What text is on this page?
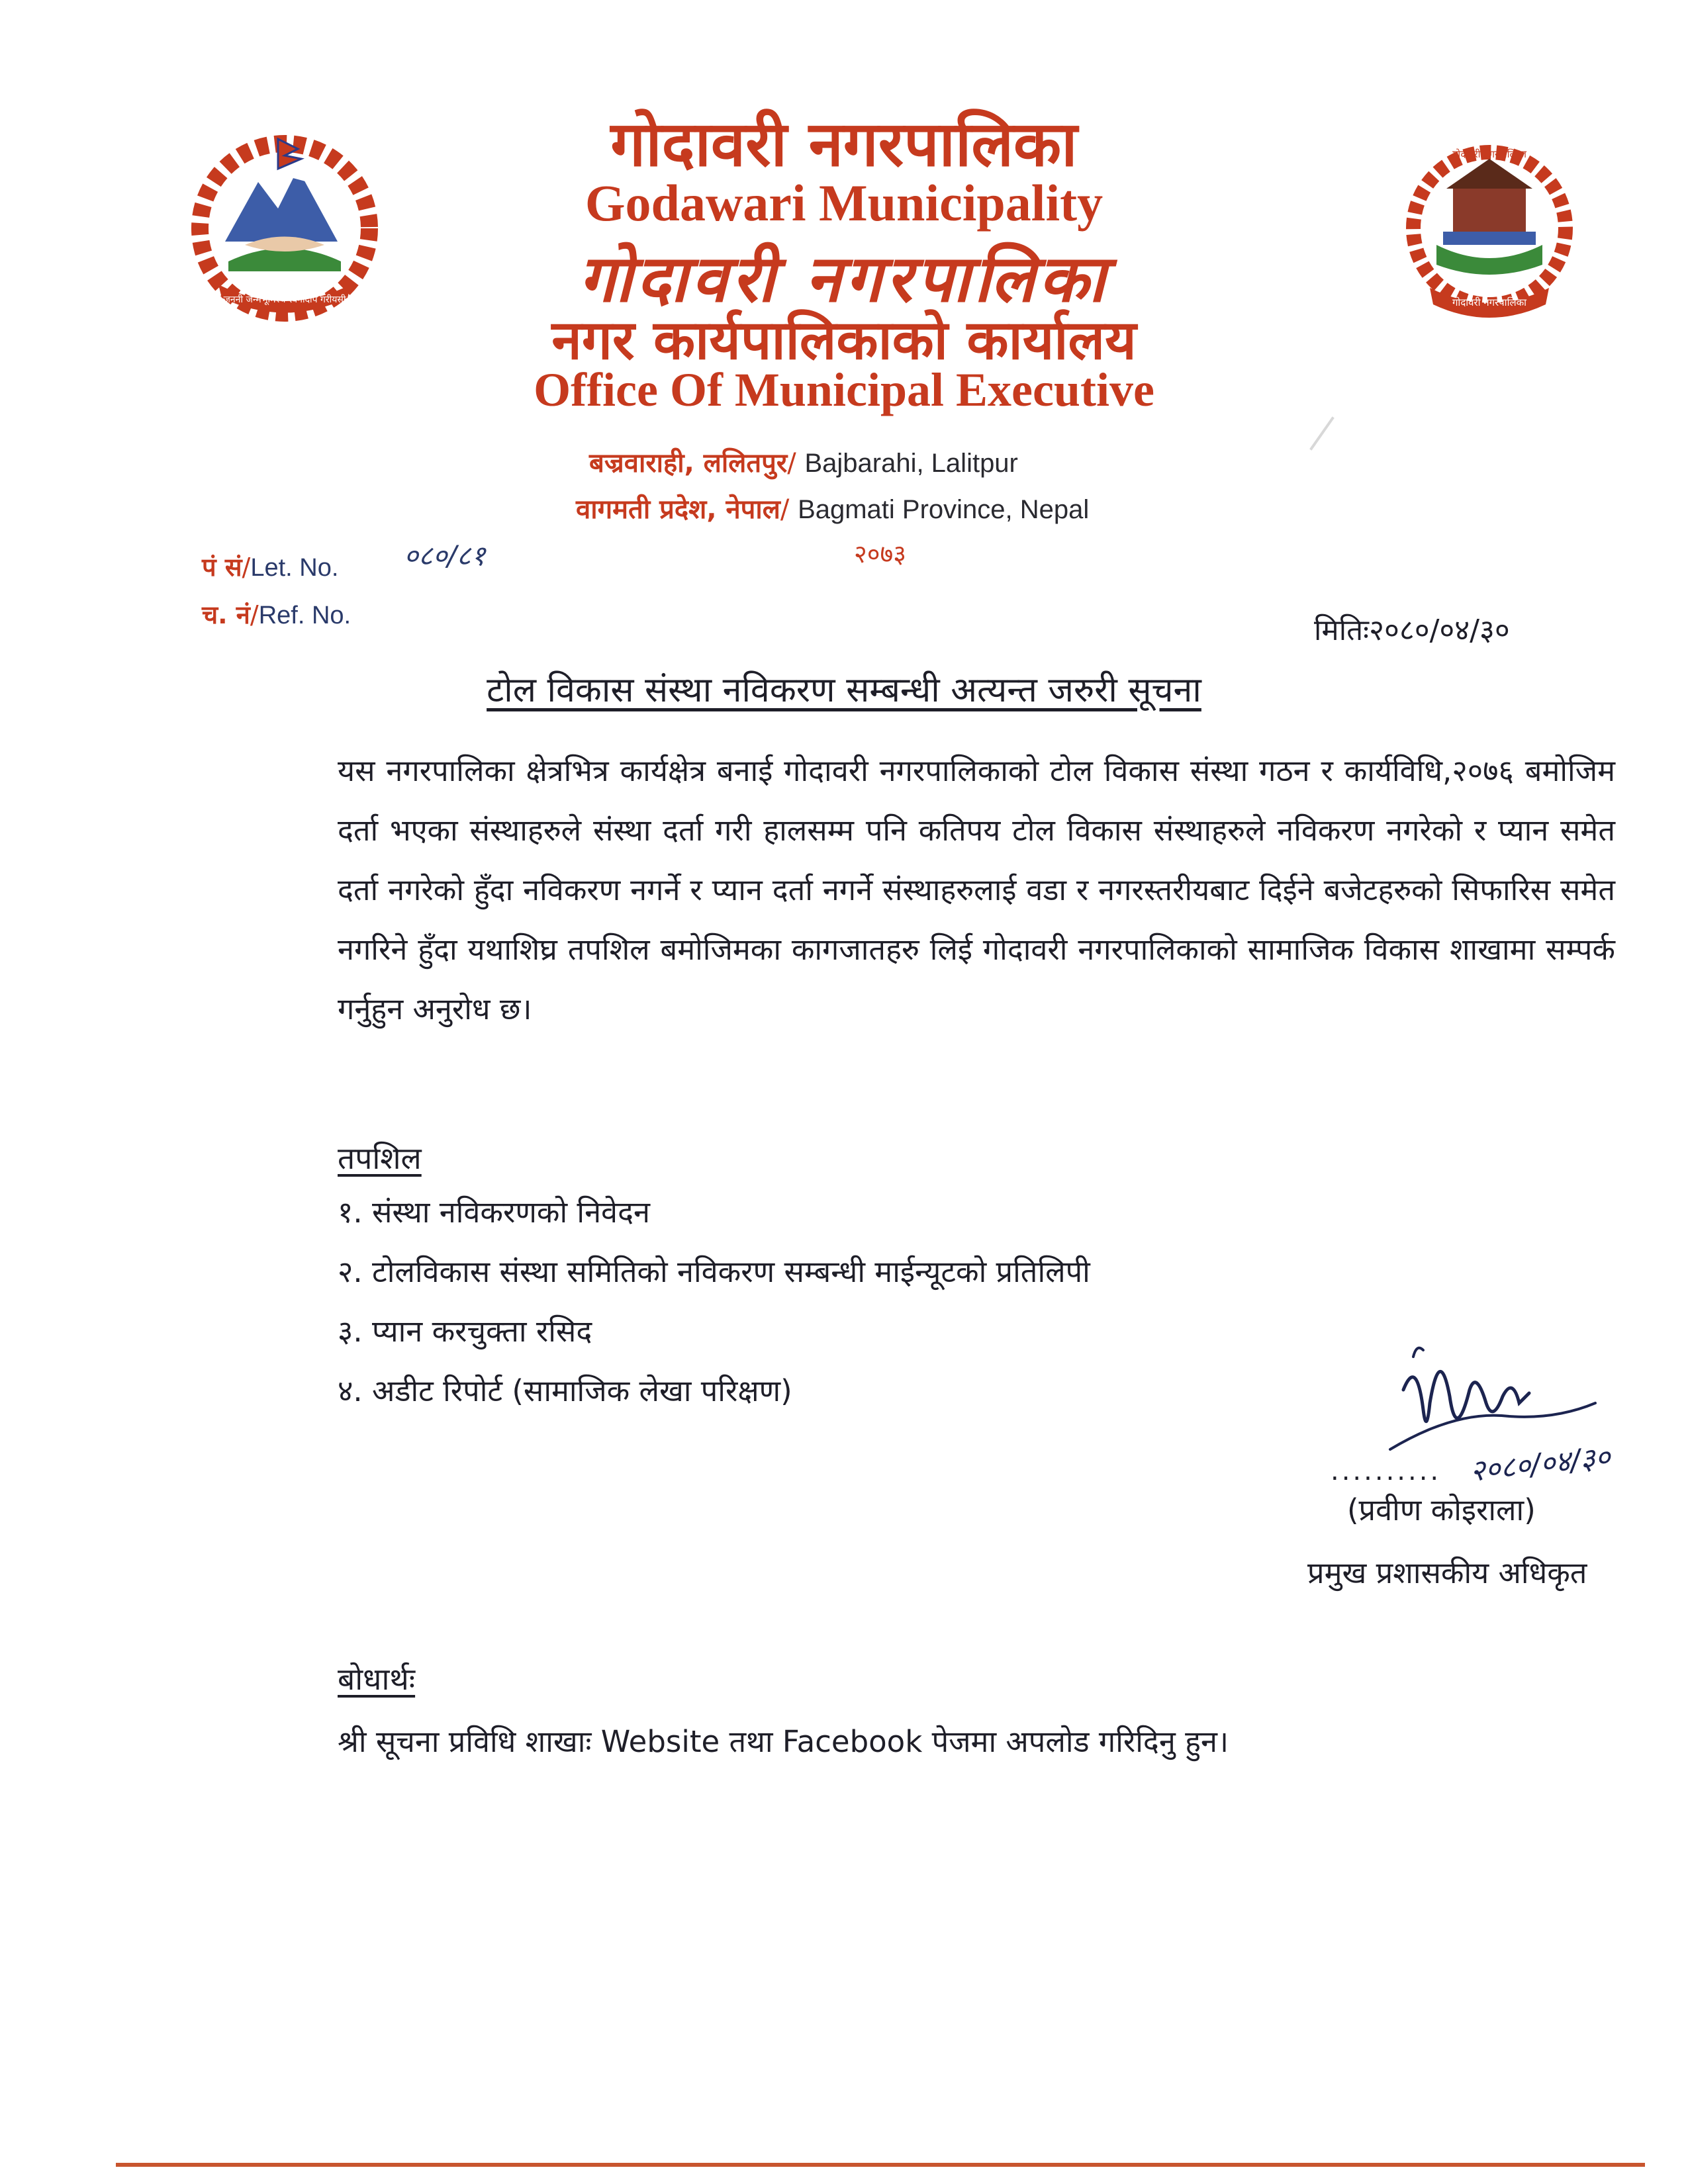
जननी जन्मभूमिश्च स्वर्गादपि गरीयसी	गोदावरी नगरपालिका
गोदावरी नगरपालिका
गोदावरी नगरपालिका
Godawari Municipality
गोदावरी नगरपालिका
नगर कार्यपालिकाको कार्यालय
Office Of Municipal Executive
बज्रवाराही, ललितपुर/ Bajbarahi, Lalitpur
वागमती प्रदेश, नेपाल/ Bagmati Province, Nepal
२०७३
पं सं/Let. No. ०८०/८१
च. नं/Ref. No.	मितिः२०८०/०४/३०
टोल विकास संस्था नविकरण सम्बन्धी अत्यन्त जरुरी सूचना
यस नगरपालिका क्षेत्रभित्र कार्यक्षेत्र बनाई गोदावरी नगरपालिकाको टोल विकास संस्था गठन र कार्यविधि,२०७६ बमोजिम दर्ता भएका संस्थाहरुले संस्था दर्ता गरी हालसम्म पनि कतिपय टोल विकास संस्थाहरुले नविकरण नगरेको र प्यान समेत दर्ता नगरेको हुँदा नविकरण नगर्ने र प्यान दर्ता नगर्ने संस्थाहरुलाई वडा र नगरस्तरीयबाट दिईने बजेटहरुको सिफारिस समेत नगरिने हुँदा यथाशिघ्र तपशिल बमोजिमका कागजातहरु लिई गोदावरी नगरपालिकाको सामाजिक विकास शाखामा सम्पर्क गर्नुहुन अनुरोध छ।
तपशिल
१. संस्था नविकरणको निवेदन
२. टोलविकास संस्था समितिको नविकरण सम्बन्धी माईन्यूटको प्रतिलिपी
३. प्यान करचुक्ता रसिद
४. अडीट रिपोर्ट (सामाजिक लेखा परिक्षण)
.......... २०८०/०४/३०
(प्रवीण कोइराला)
प्रमुख प्रशासकीय अधिकृत
बोधार्थः
श्री सूचना प्रविधि शाखाः Website तथा Facebook पेजमा अपलोड गरिदिनु हुन।
